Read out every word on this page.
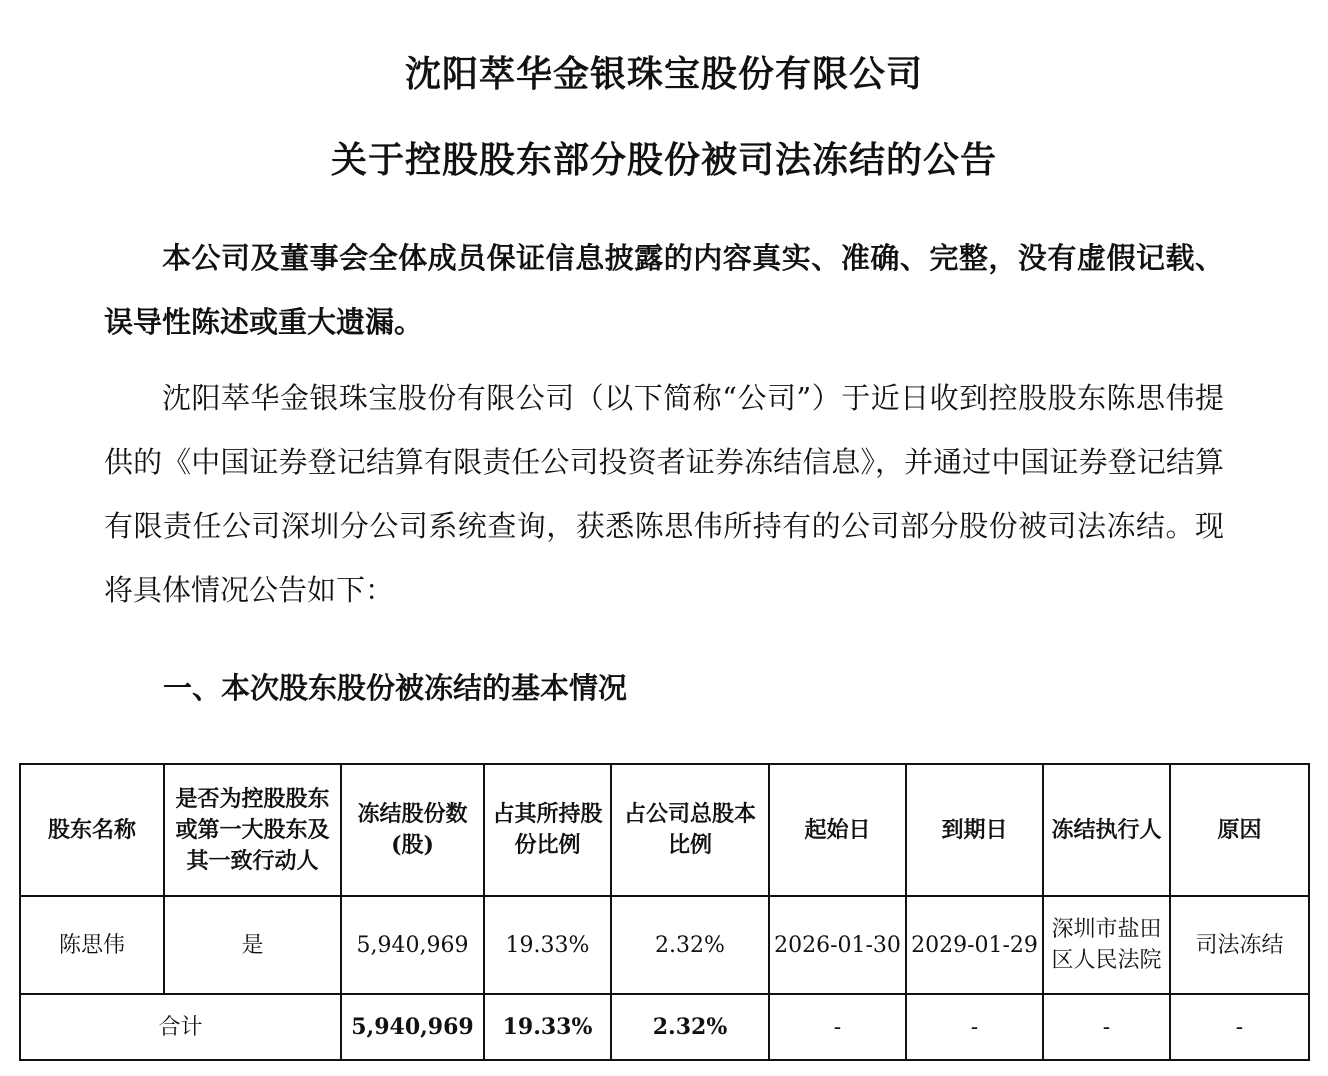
沈阳萃华金银珠宝股份有限公司
关于控股股东部分股份被司法冻结的公告

本公司及董事会全体成员保证信息披露的内容真实、准确、完整，没有虚假记载、误导性陈述或重大遗漏。

沈阳萃华金银珠宝股份有限公司（以下简称“公司”）于近日收到控股股东陈思伟提供的《中国证券登记结算有限责任公司投资者证券冻结信息》，并通过中国证券登记结算有限责任公司深圳分公司系统查询，获悉陈思伟所持有的公司部分股份被司法冻结。现将具体情况公告如下：

一、本次股东股份被冻结的基本情况
股东名称	是否为控股股东或第一大股东及其一致行动人	冻结股份数(股)	占其所持股份比例	占公司总股本比例	起始日	到期日	冻结执行人	原因
陈思伟	是	5,940,969	19.33%	2.32%	2026-01-30	2029-01-29	深圳市盐田区人民法院	司法冻结
合计		5,940,969	19.33%	2.32%	-	-	-	-
